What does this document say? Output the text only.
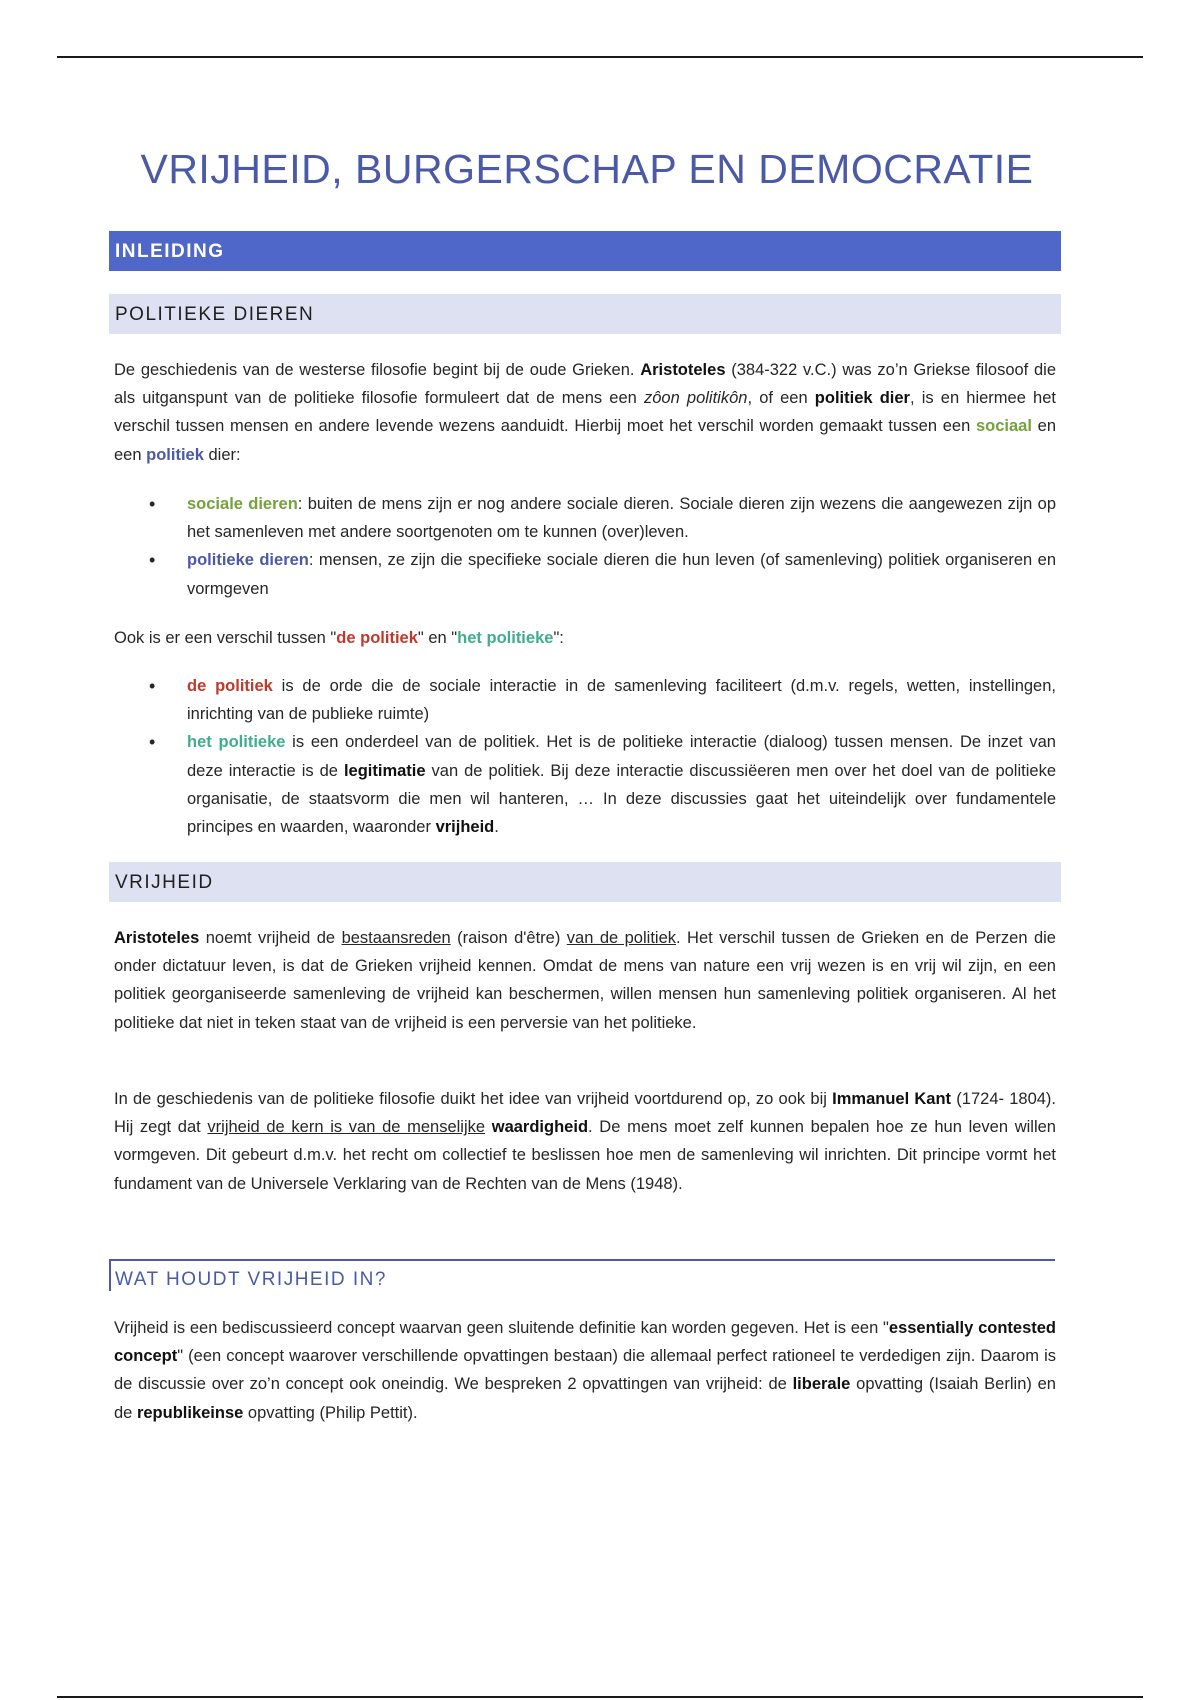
VRIJHEID, BURGERSCHAP EN DEMOCRATIE
INLEIDING
POLITIEKE DIEREN
De geschiedenis van de westerse filosofie begint bij de oude Grieken. Aristoteles (384-322 v.C.) was zo’n Griekse filosoof die als uitganspunt van de politieke filosofie formuleert dat de mens een zôon politikôn, of een politiek dier, is en hiermee het verschil tussen mensen en andere levende wezens aanduidt. Hierbij moet het verschil worden gemaakt tussen een sociaal en een politiek dier:
• sociale dieren: buiten de mens zijn er nog andere sociale dieren. Sociale dieren zijn wezens die aangewezen zijn op het samenleven met andere soortgenoten om te kunnen (over)leven.
• politieke dieren: mensen, ze zijn die specifieke sociale dieren die hun leven (of samenleving) politiek organiseren en vormgeven
Ook is er een verschil tussen "de politiek" en "het politieke":
• de politiek is de orde die de sociale interactie in de samenleving faciliteert (d.m.v. regels, wetten, instellingen, inrichting van de publieke ruimte)
• het politieke is een onderdeel van de politiek. Het is de politieke interactie (dialoog) tussen mensen. De inzet van deze interactie is de legitimatie van de politiek. Bij deze interactie discussiëeren men over het doel van de politieke organisatie, de staatsvorm die men wil hanteren, … In deze discussies gaat het uiteindelijk over fundamentele principes en waarden, waaronder vrijheid.
VRIJHEID
Aristoteles noemt vrijheid de bestaansreden (raison d'être) van de politiek. Het verschil tussen de Grieken en de Perzen die onder dictatuur leven, is dat de Grieken vrijheid kennen. Omdat de mens van nature een vrij wezen is en vrij wil zijn, en een politiek georganiseerde samenleving de vrijheid kan beschermen, willen mensen hun samenleving politiek organiseren. Al het politieke dat niet in teken staat van de vrijheid is een perversie van het politieke.
In de geschiedenis van de politieke filosofie duikt het idee van vrijheid voortdurend op, zo ook bij Immanuel Kant (1724- 1804). Hij zegt dat vrijheid de kern is van de menselijke waardigheid. De mens moet zelf kunnen bepalen hoe ze hun leven willen vormgeven. Dit gebeurt d.m.v. het recht om collectief te beslissen hoe men de samenleving wil inrichten. Dit principe vormt het fundament van de Universele Verklaring van de Rechten van de Mens (1948).
WAT HOUDT VRIJHEID IN?
Vrijheid is een bediscussieerd concept waarvan geen sluitende definitie kan worden gegeven. Het is een "essentially contested concept" (een concept waarover verschillende opvattingen bestaan) die allemaal perfect rationeel te verdedigen zijn. Daarom is de discussie over zo’n concept ook oneindig. We bespreken 2 opvattingen van vrijheid: de liberale opvatting (Isaiah Berlin) en de republikeinse opvatting (Philip Pettit).
